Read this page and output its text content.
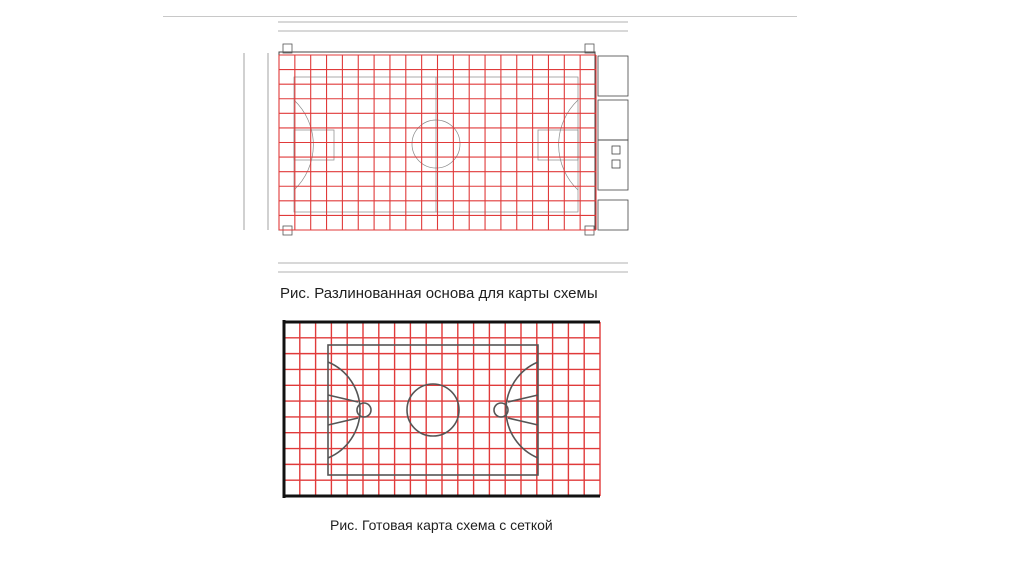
Рис. Разлинованная основа для карты схемы
Рис. Готовая карта схема с сеткой
